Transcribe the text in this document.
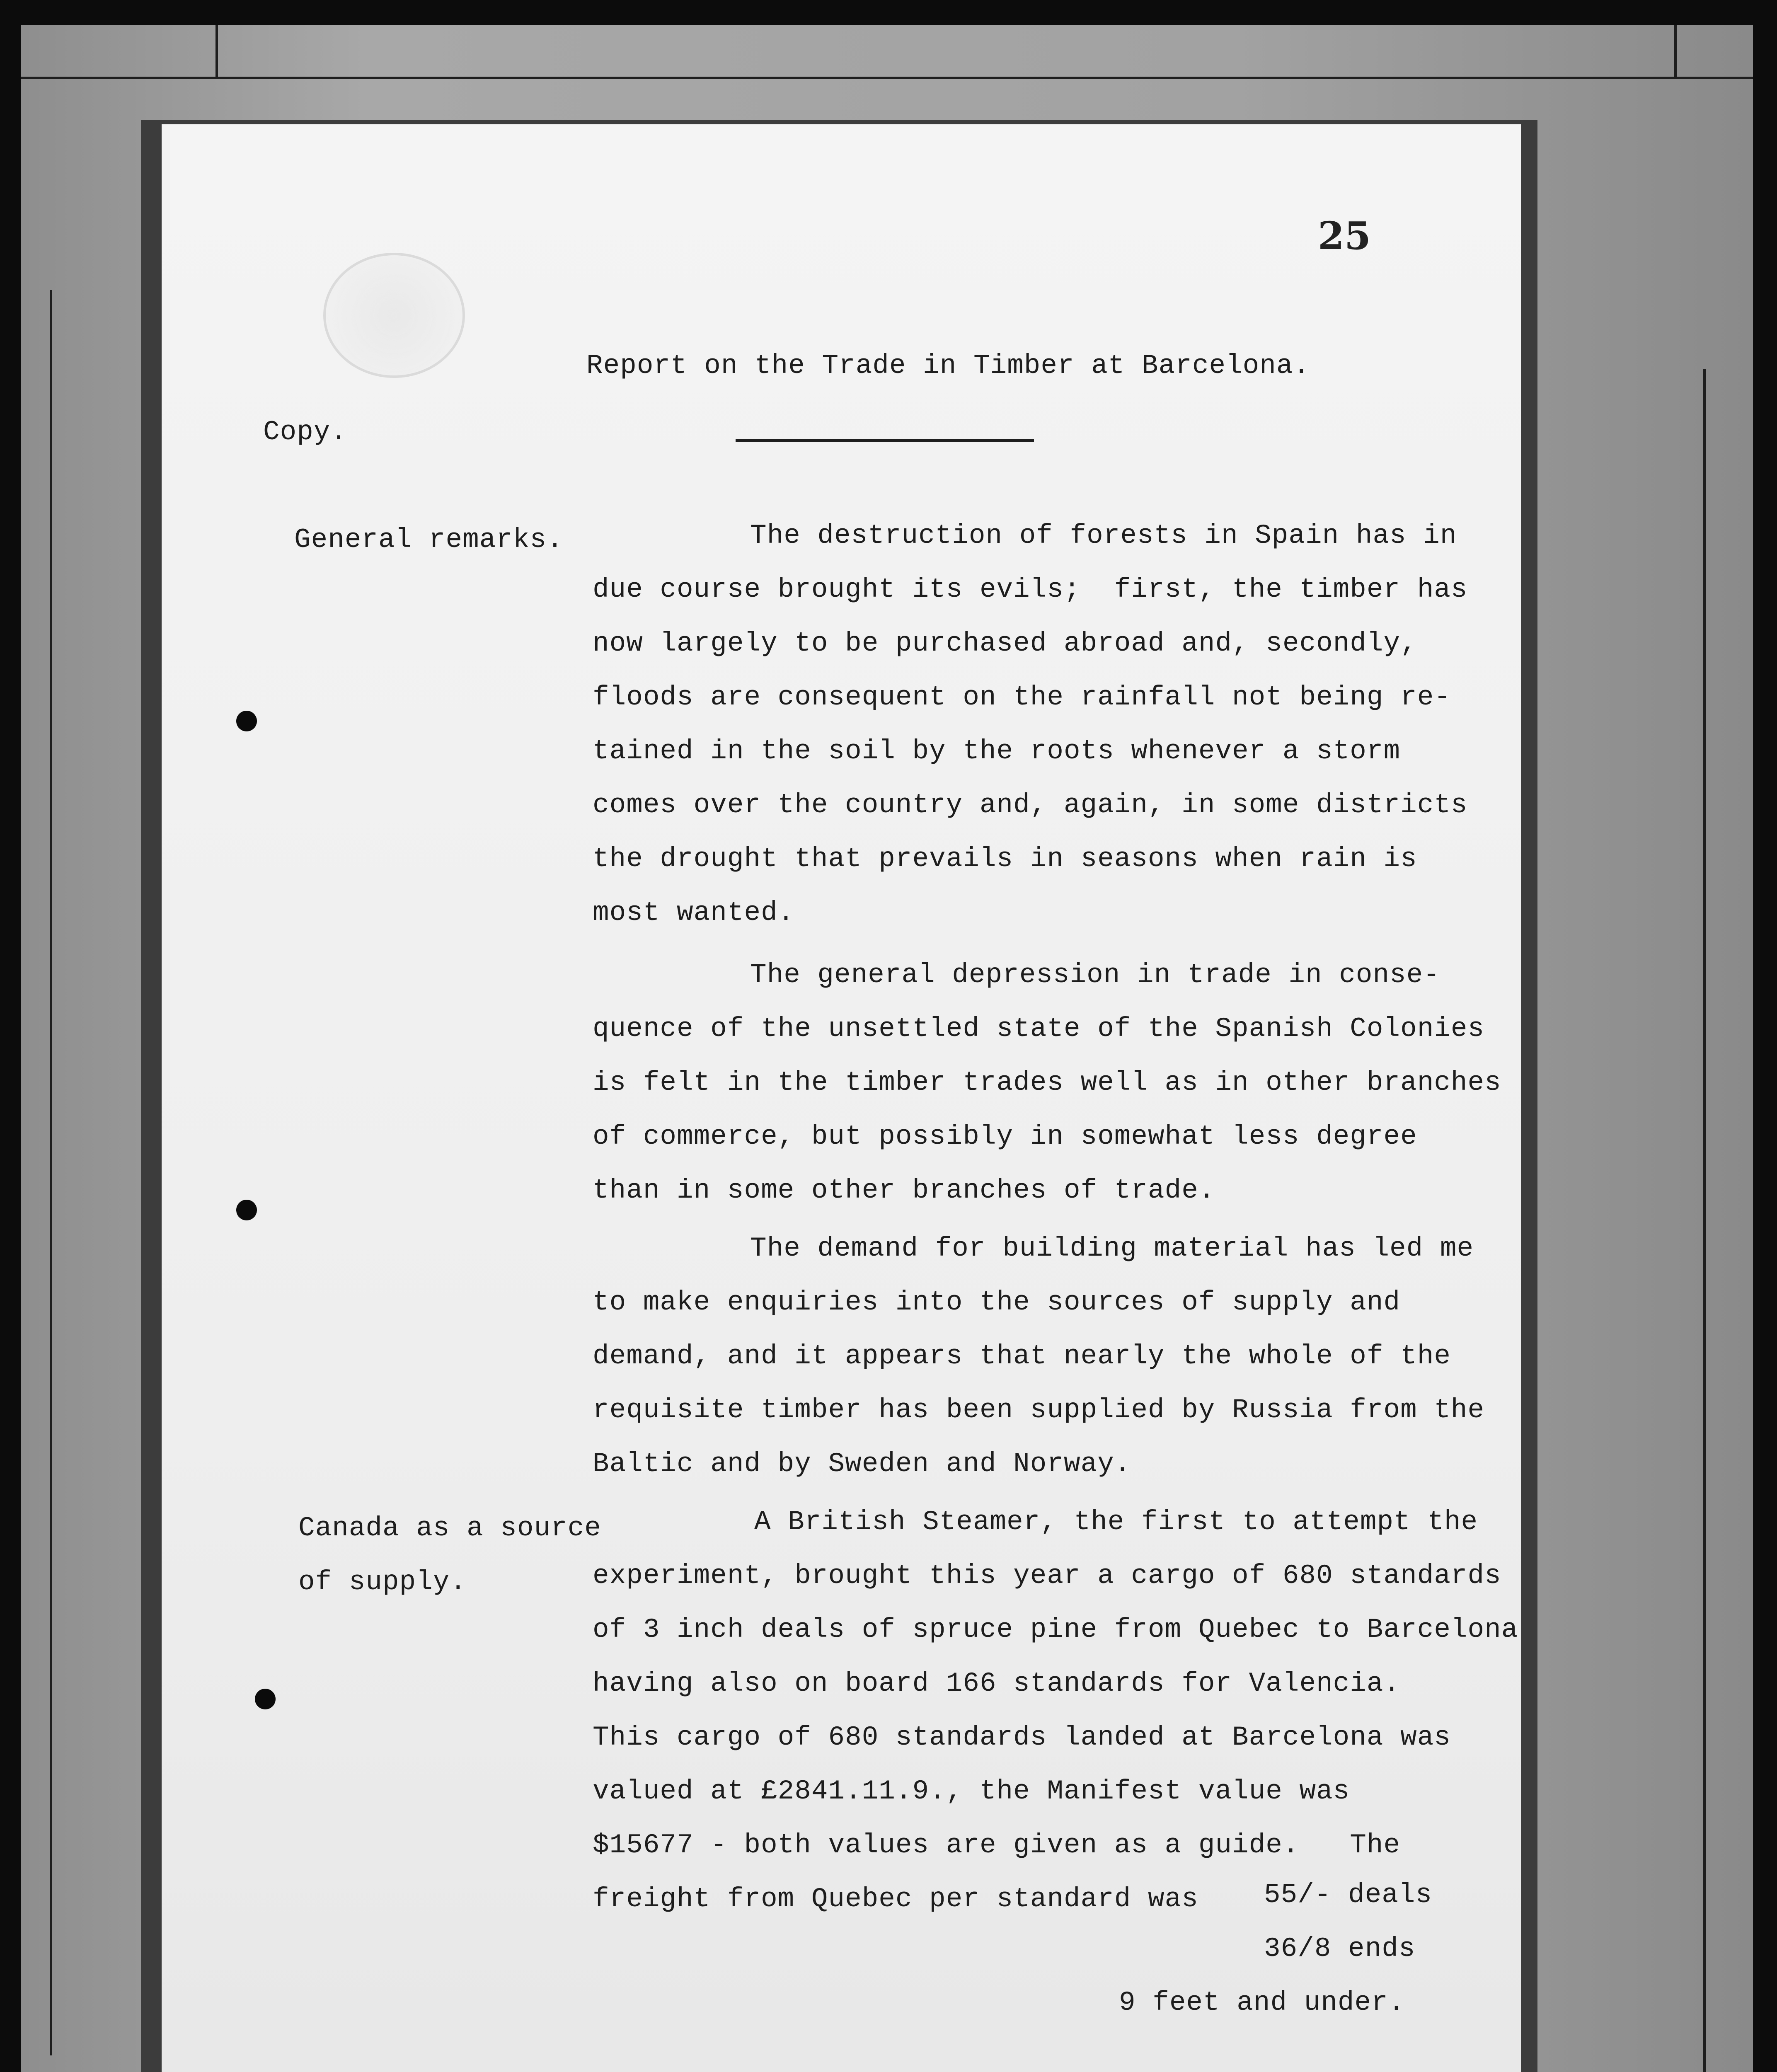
25
Report on the Trade in Timber at Barcelona.
Copy.
General remarks.
Canada as a source
of supply.
The destruction of forests in Spain has in
due course brought its evils;  first, the timber has
now largely to be purchased abroad and, secondly,
floods are consequent on the rainfall not being re-
tained in the soil by the roots whenever a storm
comes over the country and, again, in some districts
the drought that prevails in seasons when rain is
most wanted.
The general depression in trade in conse-
quence of the unsettled state of the Spanish Colonies
is felt in the timber trades well as in other branches
of commerce, but possibly in somewhat less degree
than in some other branches of trade.
The demand for building material has led me
to make enquiries into the sources of supply and
demand, and it appears that nearly the whole of the
requisite timber has been supplied by Russia from the
Baltic and by Sweden and Norway.
A British Steamer, the first to attempt the
experiment, brought this year a cargo of 680 standards
of 3 inch deals of spruce pine from Quebec to Barcelona
having also on board 166 standards for Valencia.
This cargo of 680 standards landed at Barcelona was
valued at £2841.11.9., the Manifest value was
$15677 - both values are given as a guide.   The
freight from Quebec per standard was 55/- deals
36/8 ends
9 feet and under.
